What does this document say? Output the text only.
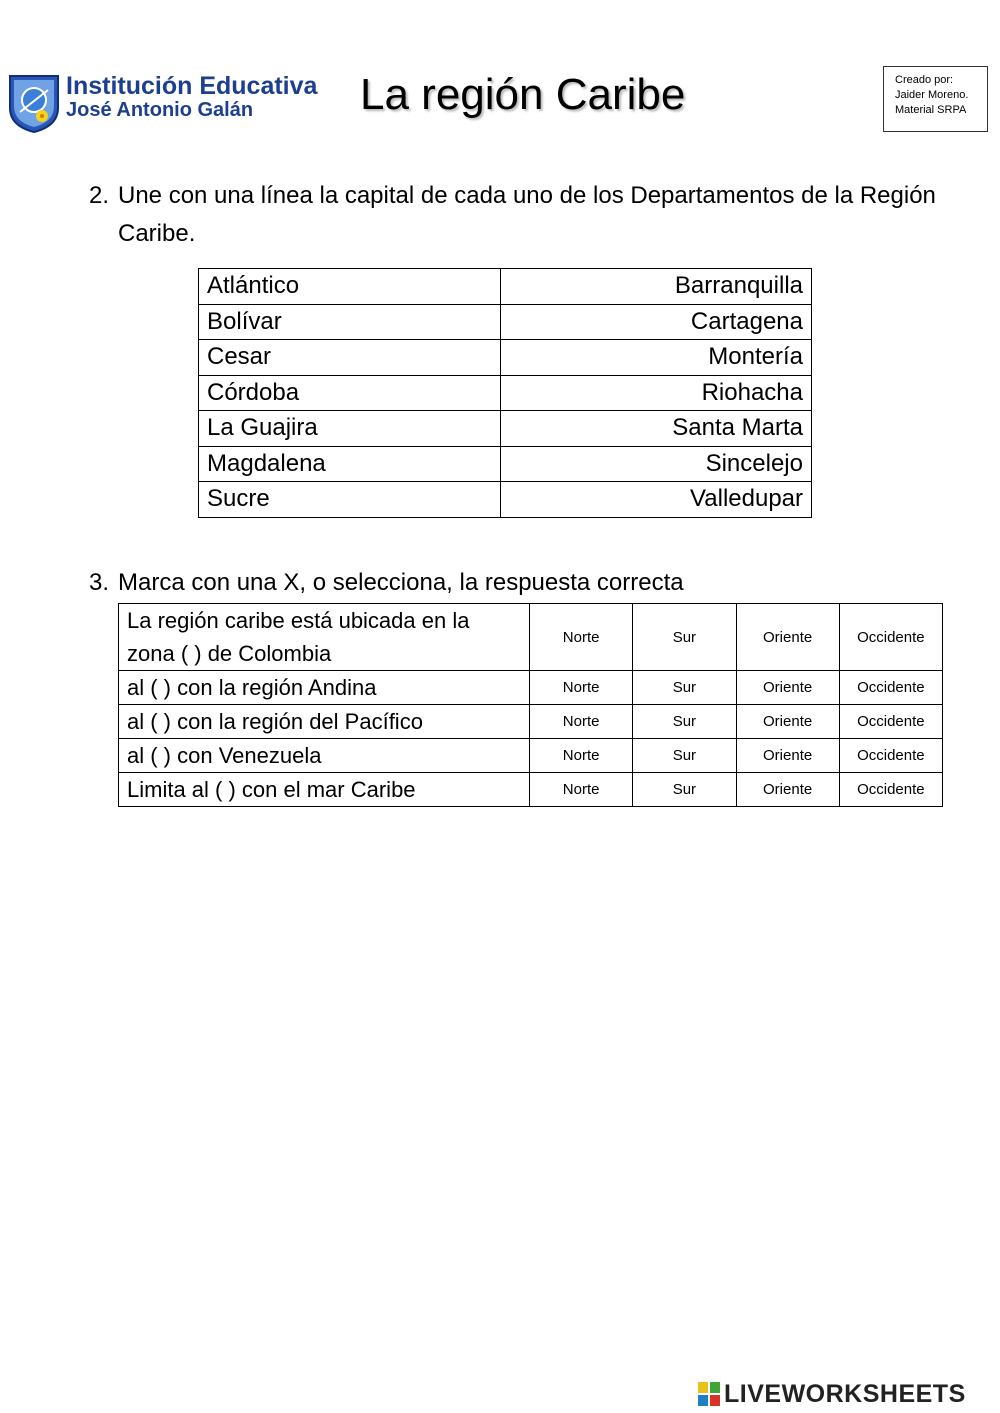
Institución Educativa
José Antonio Galán La región Caribe	Creado por:
Jaider Moreno.
Material SRPA
2. Une con una línea la capital de cada uno de los Departamentos de la Región Caribe.
Atlántico	Barranquilla
Bolívar	Cartagena
Cesar	Montería
Córdoba	Riohacha
La Guajira	Santa Marta
Magdalena	Sincelejo
Sucre	Valledupar
3. Marca con una X, o selecciona, la respuesta correcta
La región caribe está ubicada en la zona ( ) de Colombia	Norte	Sur	Oriente	Occidente
al ( ) con la región Andina	Norte	Sur	Oriente	Occidente
al ( ) con la región del Pacífico	Norte	Sur	Oriente	Occidente
al ( ) con Venezuela	Norte	Sur	Oriente	Occidente
Limita al ( ) con el mar Caribe	Norte	Sur	Oriente	Occidente
LIVEWORKSHEETS
